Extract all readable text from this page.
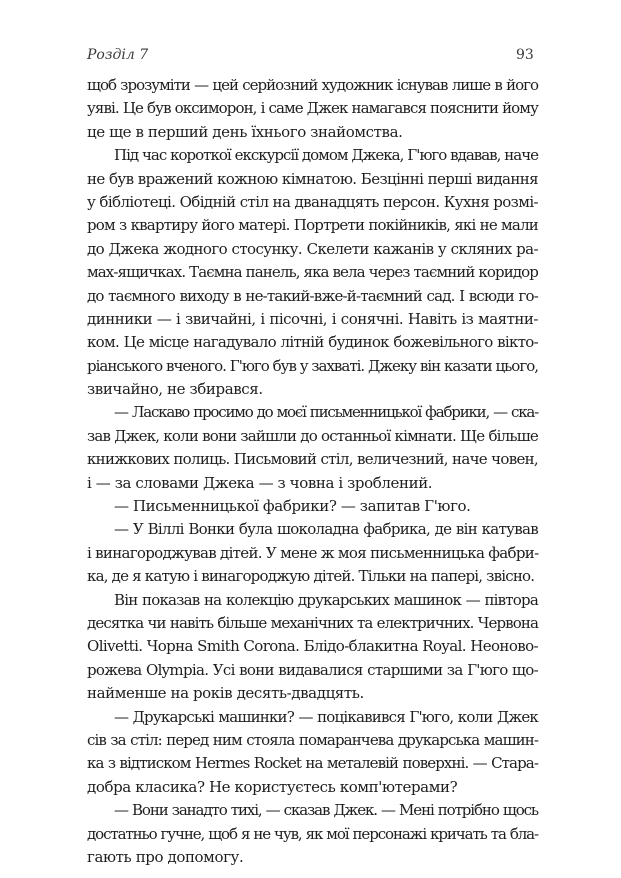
Розділ 7	93
щоб зрозуміти — цей серйозний художник існував лише в його
уяві. Це був оксиморон, і саме Джек намагався пояснити йому
це ще в перший день їхнього знайомства.
Під час короткої екскурсії домом Джека, Г'юго вдавав, наче
не був вражений кожною кімнатою. Безцінні перші видання
у бібліотеці. Обідній стіл на дванадцять персон. Кухня розмі-
ром з квартиру його матері. Портрети покійників, які не мали
до Джека жодного стосунку. Скелети кажанів у скляних ра-
мах-ящичках. Таємна панель, яка вела через таємний коридор
до таємного виходу в не-такий-вже-й-таємний сад. І всюди го-
динники — і звичайні, і пісочні, і сонячні. Навіть із маятни-
ком. Це місце нагадувало літній будинок божевільного вікто-
ріанського вченого. Г'юго був у захваті. Джеку він казати цього,
звичайно, не збирався.
— Ласкаво просимо до моєї письменницької фабрики, — ска-
зав Джек, коли вони зайшли до останньої кімнати. Ще більше
книжкових полиць. Письмовий стіл, величезний, наче човен,
і — за словами Джека — з човна і зроблений.
— Письменницької фабрики? — запитав Г'юго.
— У Віллі Вонки була шоколадна фабрика, де він катував
і винагороджував дітей. У мене ж моя письменницька фабри-
ка, де я катую і винагороджую дітей. Тільки на папері, звісно.
Він показав на колекцію друкарських машинок — півтора
десятка чи навіть більше механічних та електричних. Червона
Olivetti. Чорна Smith Corona. Блідо-блакитна Royal. Неоново-
рожева Olympia. Усі вони видавалися старшими за Г'юго що-
найменше на років десять-двадцять.
— Друкарські машинки? — поцікавився Г'юго, коли Джек
сів за стіл: перед ним стояла помаранчева друкарська машин-
ка з відтиском Hermes Rocket на металевій поверхні. — Стара-
добра класика? Не користуєтесь комп'ютерами?
— Вони занадто тихі, — сказав Джек. — Мені потрібно щось
достатньо гучне, щоб я не чув, як мої персонажі кричать та бла-
гають про допомогу.
